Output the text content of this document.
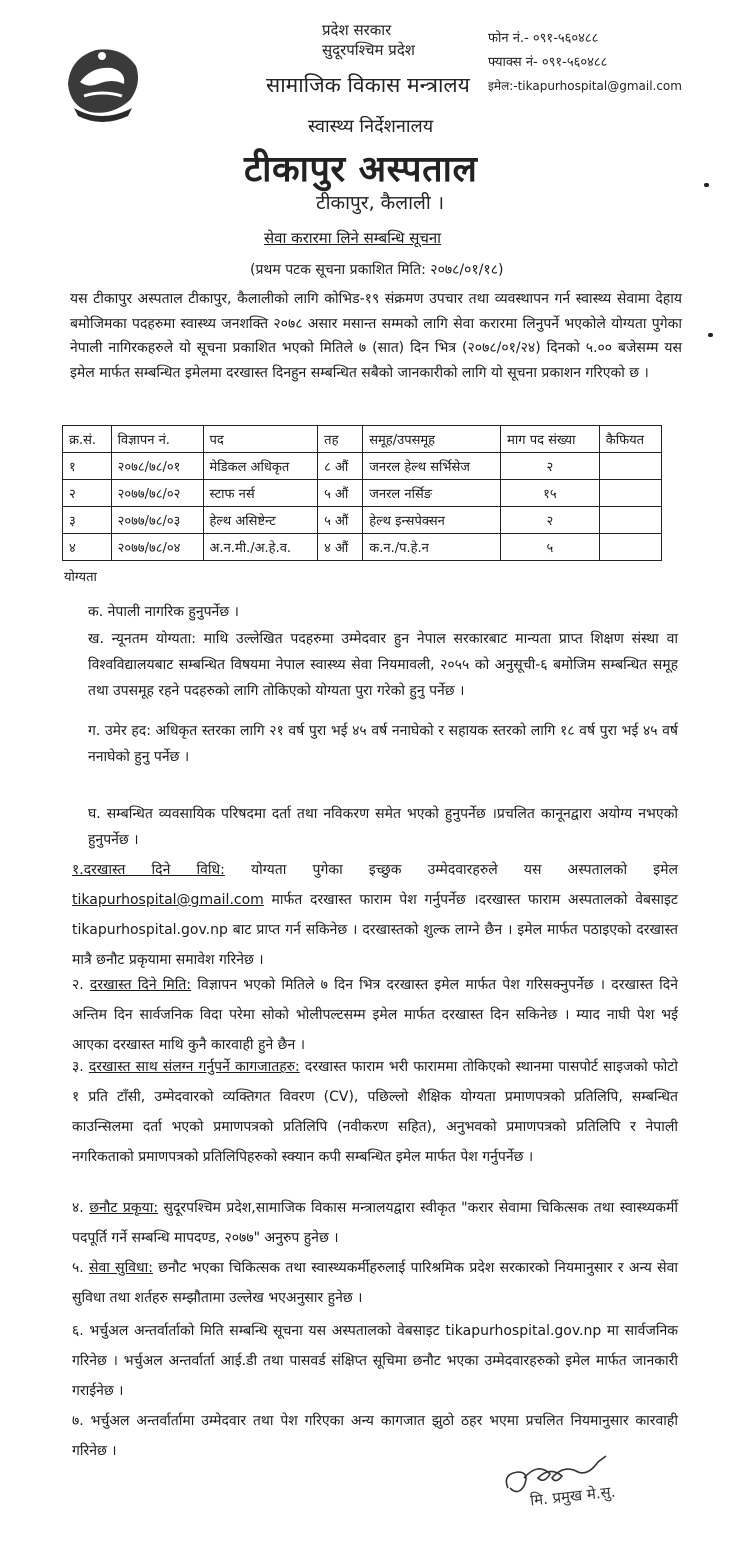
प्रदेश सरकार
सुदूरपश्चिम प्रदेश
सामाजिक विकास मन्त्रालय
स्वास्थ्य निर्देशनालय
टीकापुर अस्पताल
टीकापुर, कैलाली ।
फोन नं.- ०९१-५६०४८८
फ्याक्स नं- ०९१-५६०४८८
इमेल:-tikapurhospital@gmail.com
सेवा करारमा लिने सम्बन्धि सूचना
(प्रथम पटक सूचना प्रकाशित मिति: २०७८/०१/१८)

यस टीकापुर अस्पताल टीकापुर, कैलालीको लागि कोभिड-१९ संक्रमण उपचार तथा व्यवस्थापन गर्न स्वास्थ्य सेवामा देहाय बमोजिमका पदहरुमा स्वास्थ्य जनशक्ति २०७८ असार मसान्त सम्मको लागि सेवा करारमा लिनुपर्ने भएकोले योग्यता पुगेका नेपाली नागिरकहरुले यो सूचना प्रकाशित भएको मितिले ७ (सात) दिन भित्र (२०७८/०१/२४) दिनको ५.०० बजेसम्म यस इमेल मार्फत सम्बन्धित इमेलमा दरखास्त दिनहुन सम्बन्धित सबैको जानकारीको लागि यो सूचना प्रकाशन गरिएको छ ।

क्र.सं.	विज्ञापन नं.	पद	तह	समूह/उपसमूह	माग पद संख्या	कैफियत
१	२०७८/७८/०१	मेडिकल अधिकृत	८ औं	जनरल हेल्थ सर्भिसेज	२	
२	२०७७/७८/०२	स्टाफ नर्स	५ औं	जनरल नर्सिङ	१५	
३	२०७७/७८/०३	हेल्थ असिष्टेन्ट	५ औं	हेल्थ इन्सपेक्सन	२	
४	२०७७/७८/०४	अ.न.मी./अ.हे.व.	४ औं	क.न./प.हे.न	५	
योग्यता

क. नेपाली नागरिक हुनुपर्नेछ ।

ख. न्यूनतम योग्यता: माथि उल्लेखित पदहरुमा उम्मेदवार हुन नेपाल सरकारबाट मान्यता प्राप्त शिक्षण संस्था वा विश्वविद्यालयबाट सम्बन्धित विषयमा नेपाल स्वास्थ्य सेवा नियमावली, २०५५ को अनुसूची-६ बमोजिम सम्बन्धित समूह तथा उपसमूह रहने पदहरुको लागि तोकिएको योग्यता पुरा गरेको हुनु पर्नेछ ।

ग. उमेर हद: अधिकृत स्तरका लागि २१ वर्ष पुरा भई ४५ वर्ष ननाघेको र सहायक स्तरको लागि १८ वर्ष पुरा भई ४५ वर्ष ननाघेको हुनु पर्नेछ ।

घ. सम्बन्धित व्यवसायिक परिषदमा दर्ता तथा नविकरण समेत भएको हुनुपर्नेछ ।प्रचलित कानूनद्वारा अयोग्य नभएको हुनुपर्नेछ ।

१.दरखास्त दिने विधि: योग्यता पुगेका इच्छुक उम्मेदवारहरुले यस अस्पतालको इमेल tikapurhospital@gmail.com मार्फत दरखास्त फाराम पेश गर्नुपर्नेछ ।दरखास्त फाराम अस्पतालको वेबसाइट tikapurhospital.gov.np बाट प्राप्त गर्न सकिनेछ । दरखास्तको शुल्क लाग्ने छैन । इमेल मार्फत पठाइएको दरखास्त मात्रै छनौट प्रकृयामा समावेश गरिनेछ ।

२. दरखास्त दिने मिति: विज्ञापन भएको मितिले ७ दिन भित्र दरखास्त इमेल मार्फत पेश गरिसक्नुपर्नेछ । दरखास्त दिने अन्तिम दिन सार्वजनिक विदा परेमा सोको भोलीपल्टसम्म इमेल मार्फत दरखास्त दिन सकिनेछ । म्याद नाघी पेश भई आएका दरखास्त माथि कुनै कारवाही हुने छैन ।

३. दरखास्त साथ संलग्न गर्नुपर्ने कागजातहरु: दरखास्त फाराम भरी फाराममा तोकिएको स्थानमा पासपोर्ट साइजको फोटो १ प्रति टाँसी, उम्मेदवारको व्यक्तिगत विवरण (CV), पछिल्लो शैक्षिक योग्यता प्रमाणपत्रको प्रतिलिपि, सम्बन्धित काउन्सिलमा दर्ता भएको प्रमाणपत्रको प्रतिलिपि (नवीकरण सहित), अनुभवको प्रमाणपत्रको प्रतिलिपि र नेपाली नगरिकताको प्रमाणपत्रको प्रतिलिपिहरुको स्क्यान कपी सम्बन्धित इमेल मार्फत पेश गर्नुपर्नेछ ।

४. छनौट प्रकृया: सुदूरपश्चिम प्रदेश,सामाजिक विकास मन्त्रालयद्वारा स्वीकृत "करार सेवामा चिकित्सक तथा स्वास्थ्यकर्मी पदपूर्ति गर्ने सम्बन्धि मापदण्ड, २०७७" अनुरुप हुनेछ ।

५. सेवा सुविधा: छनौट भएका चिकित्सक तथा स्वास्थ्यकर्मीहरुलाई पारिश्रमिक प्रदेश सरकारको नियमानुसार र अन्य सेवा सुविधा तथा शर्तहरु सम्झौतामा उल्लेख भएअनुसार हुनेछ ।

६. भर्चुअल अन्तर्वार्ताको मिति सम्बन्धि सूचना यस अस्पतालको वेबसाइट tikapurhospital.gov.np मा सार्वजनिक गरिनेछ । भर्चुअल अन्तर्वार्ता आई.डी तथा पासवर्ड संक्षिप्त सूचिमा छनौट भएका उम्मेदवारहरुको इमेल मार्फत जानकारी गराईनेछ ।

७. भर्चुअल अन्तर्वार्तामा उम्मेदवार तथा पेश गरिएका अन्य कागजात झुठो ठहर भएमा प्रचलित नियमानुसार कारवाही गरिनेछ ।

मि. प्रमुख मे.सु.
